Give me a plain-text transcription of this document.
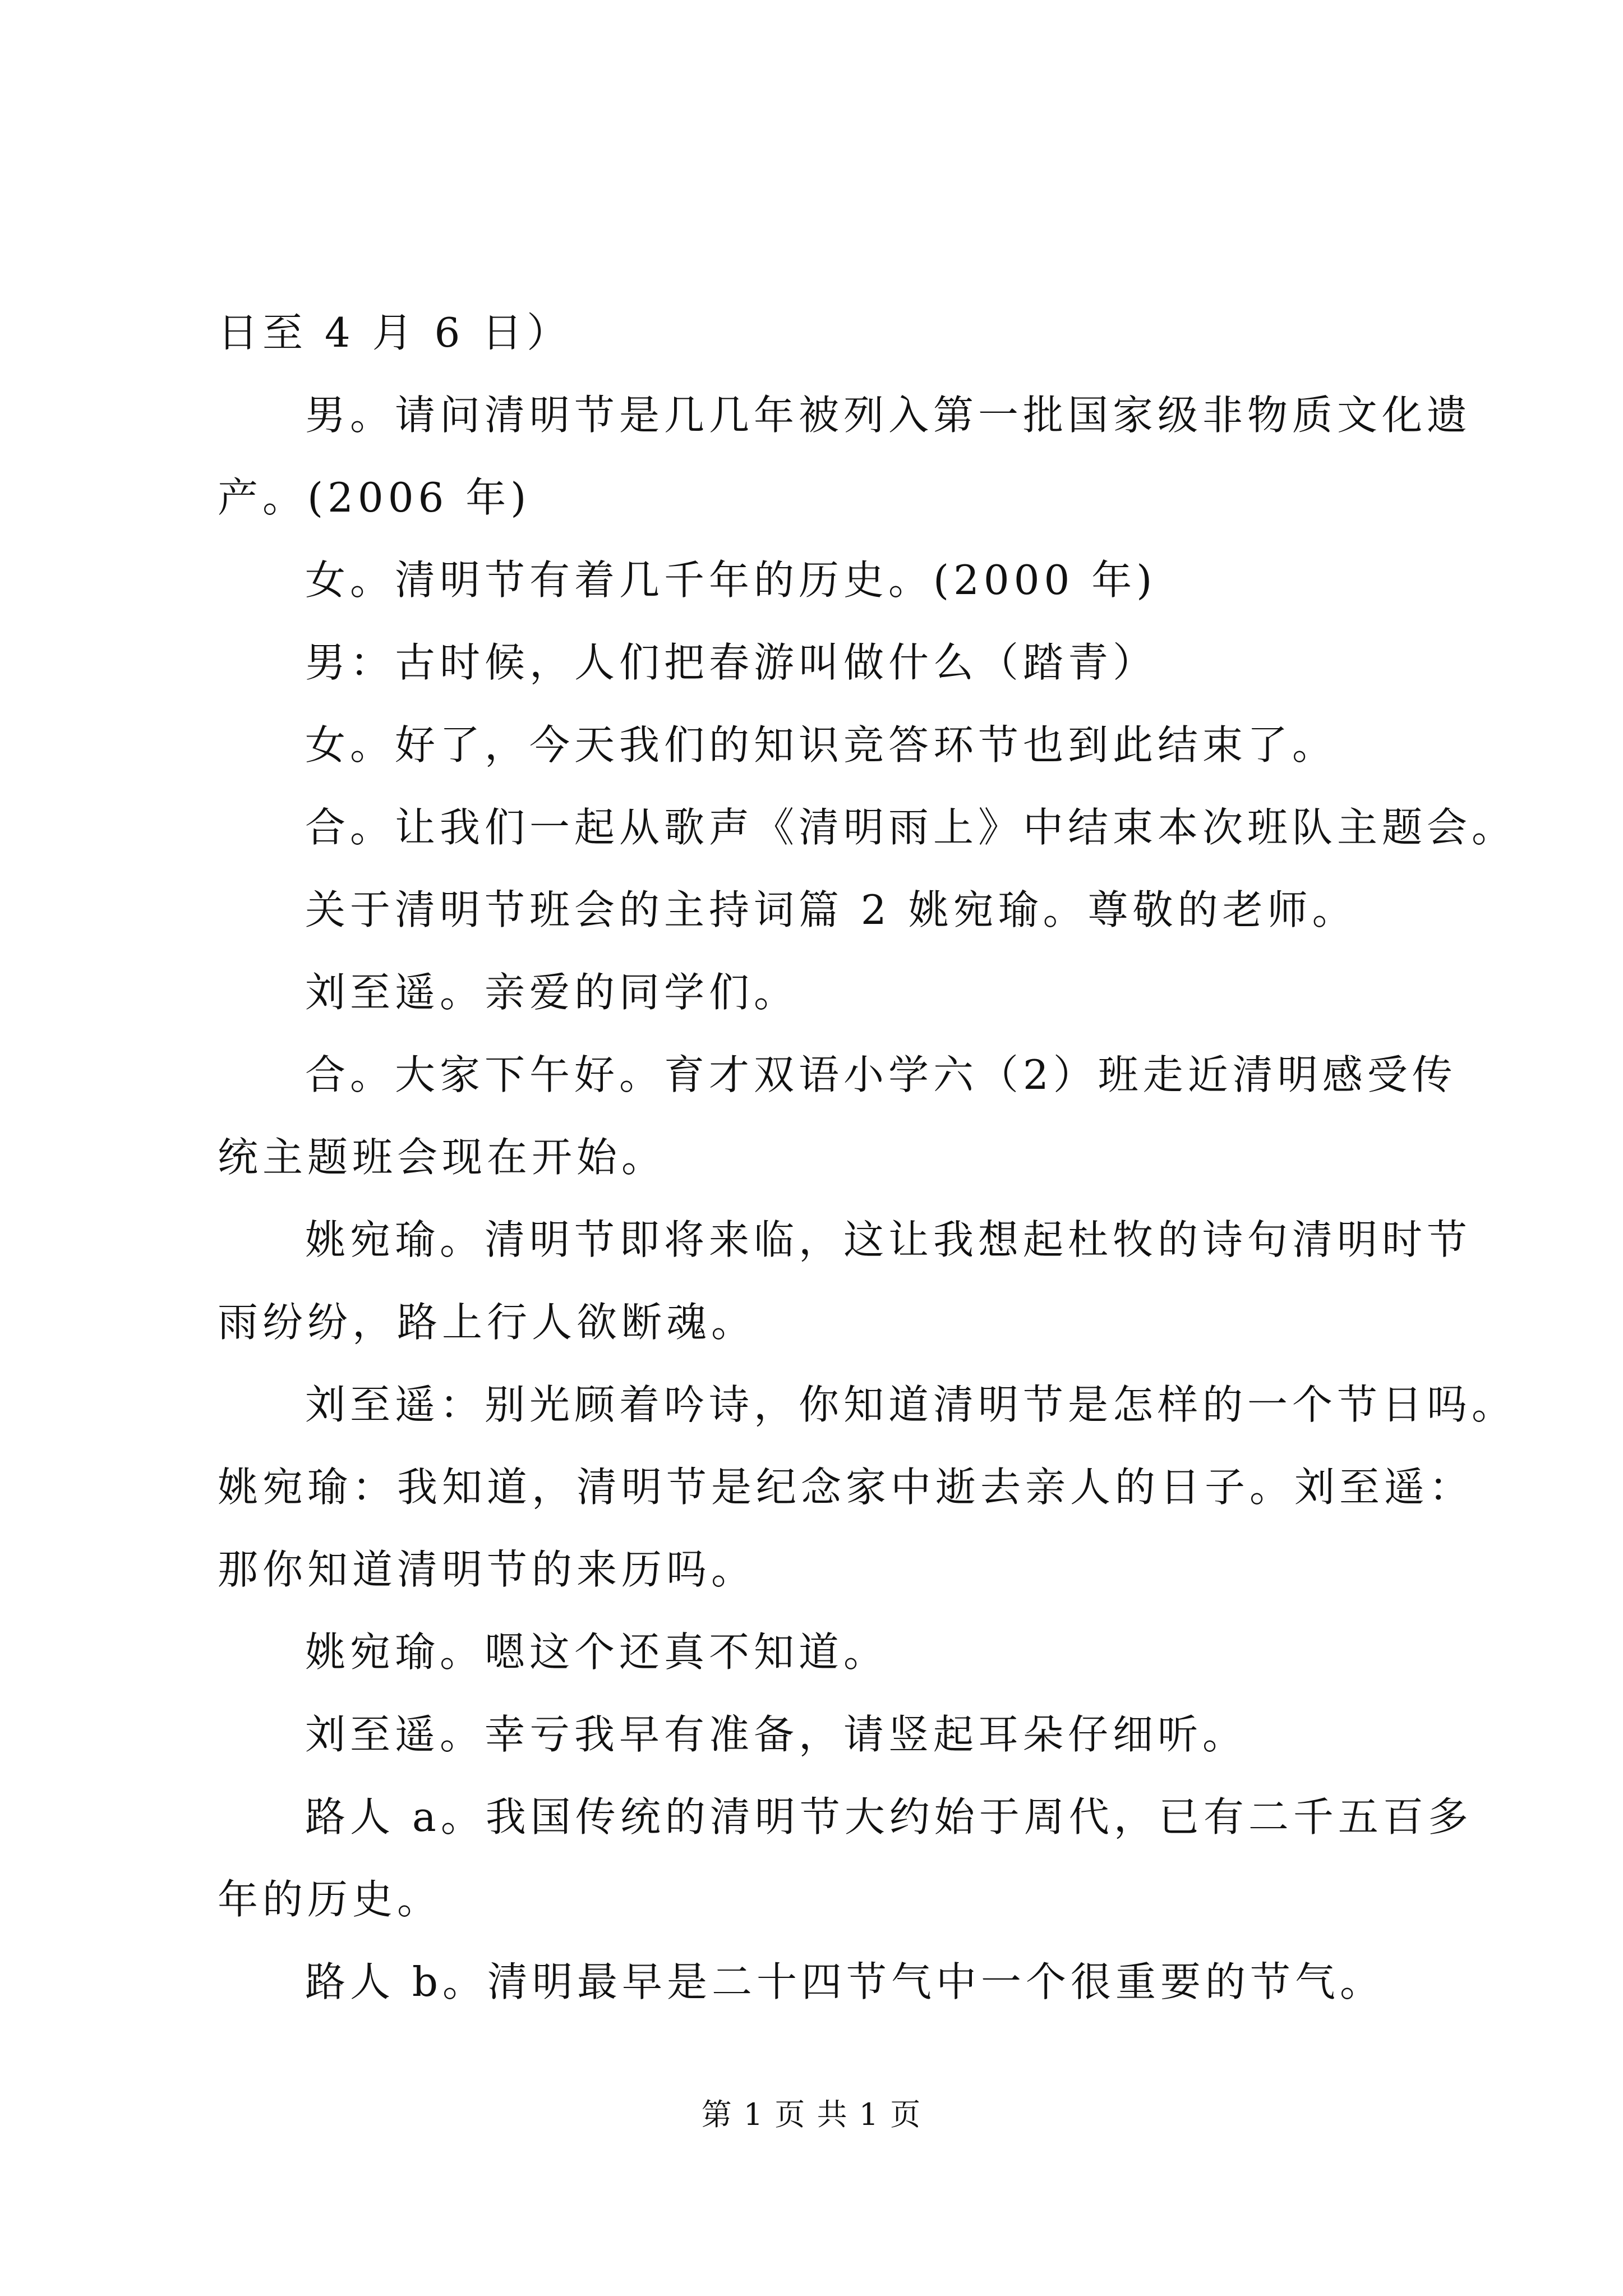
日至 4 月 6 日）
男。请问清明节是几几年被列入第一批国家级非物质文化遗
产。(2006 年)
女。清明节有着几千年的历史。(2000 年)
男：古时候，人们把春游叫做什么（踏青）
女。好了，今天我们的知识竞答环节也到此结束了。
合。让我们一起从歌声《清明雨上》中结束本次班队主题会。
关于清明节班会的主持词篇 2 姚宛瑜。尊敬的老师。
刘至遥。亲爱的同学们。
合。大家下午好。育才双语小学六（2）班走近清明感受传
统主题班会现在开始。
姚宛瑜。清明节即将来临，这让我想起杜牧的诗句清明时节
雨纷纷，路上行人欲断魂。
刘至遥：别光顾着吟诗，你知道清明节是怎样的一个节日吗。
姚宛瑜：我知道，清明节是纪念家中逝去亲人的日子。刘至遥：
那你知道清明节的来历吗。
姚宛瑜。嗯这个还真不知道。
刘至遥。幸亏我早有准备，请竖起耳朵仔细听。
路人 a。我国传统的清明节大约始于周代，已有二千五百多
年的历史。
路人 b。清明最早是二十四节气中一个很重要的节气。
第 1 页 共 1 页
